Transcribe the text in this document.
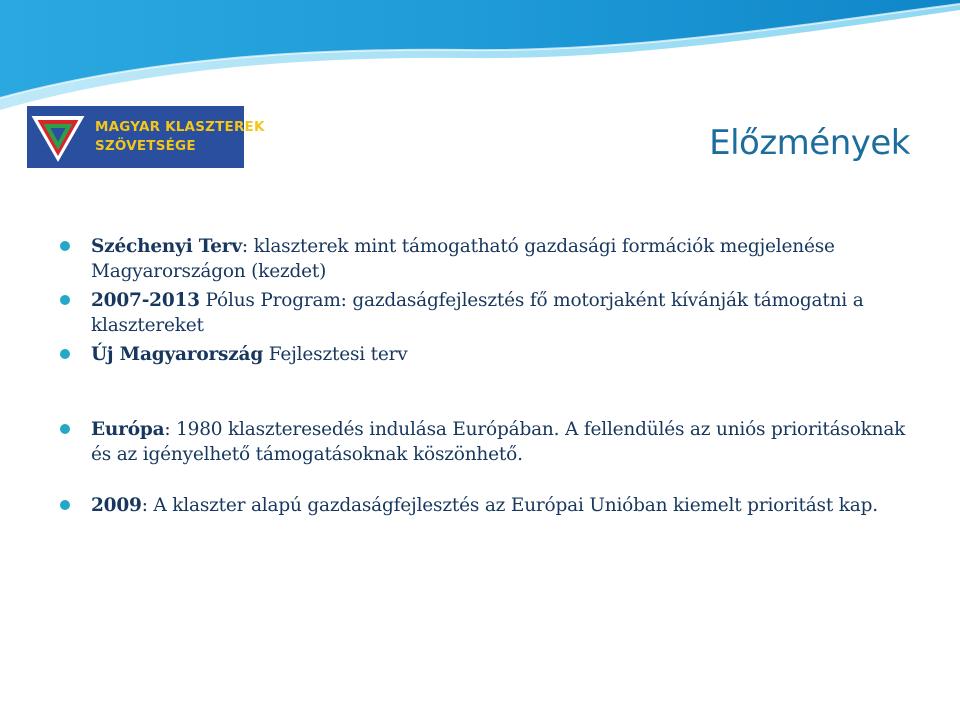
MAGYAR KLASZTEREK
SZÖVETSÉGE	Előzmények
Széchenyi Terv: klaszterek mint támogatható gazdasági formációk megjelenése Magyarországon (kezdet)
2007-2013 Pólus Program: gazdaságfejlesztés fő motorjaként kívánják támogatni a klasztereket
Új Magyarország Fejlesztesi terv
Európa: 1980 klaszteresedés indulása Európában. A fellendülés az uniós prioritásoknak és az igényelhető támogatásoknak köszönhető.
2009: A klaszter alapú gazdaságfejlesztés az Európai Unióban kiemelt prioritást kap.
